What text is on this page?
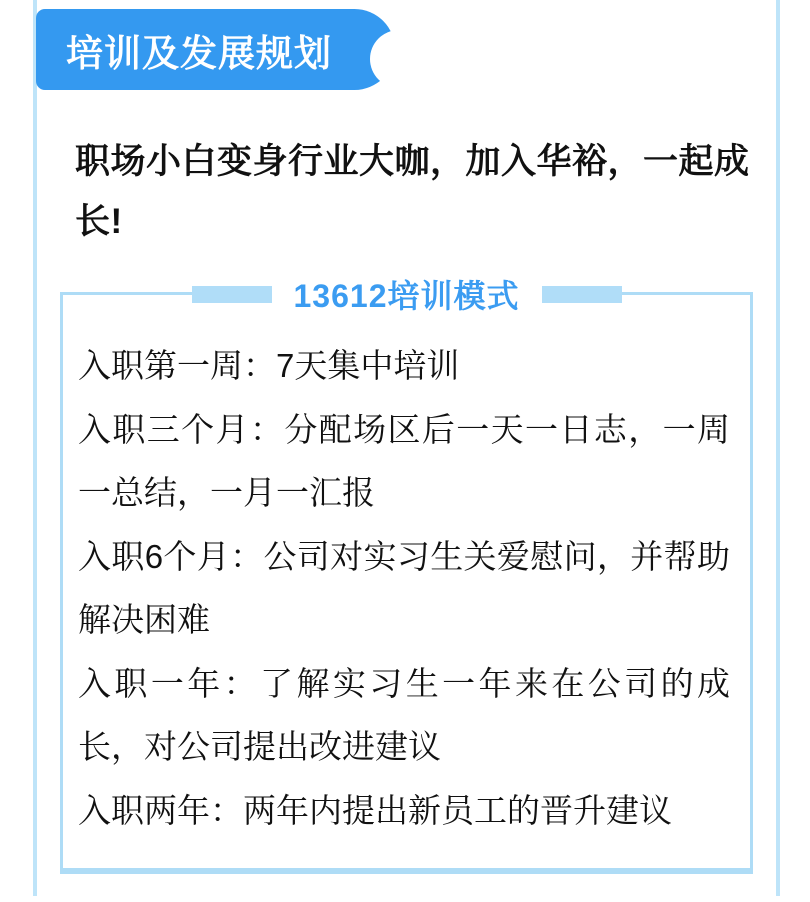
培训及发展规划
职场小白变身行业大咖，加入华裕，一起成长!
13612培训模式
入职第一周：7天集中培训
入职三个月：分配场区后一天一日志，一周
一总结，一月一汇报
入职6个月：公司对实习生关爱慰问，并帮助
解决困难
入职一年：了解实习生一年来在公司的成
长，对公司提出改进建议
入职两年：两年内提出新员工的晋升建议
